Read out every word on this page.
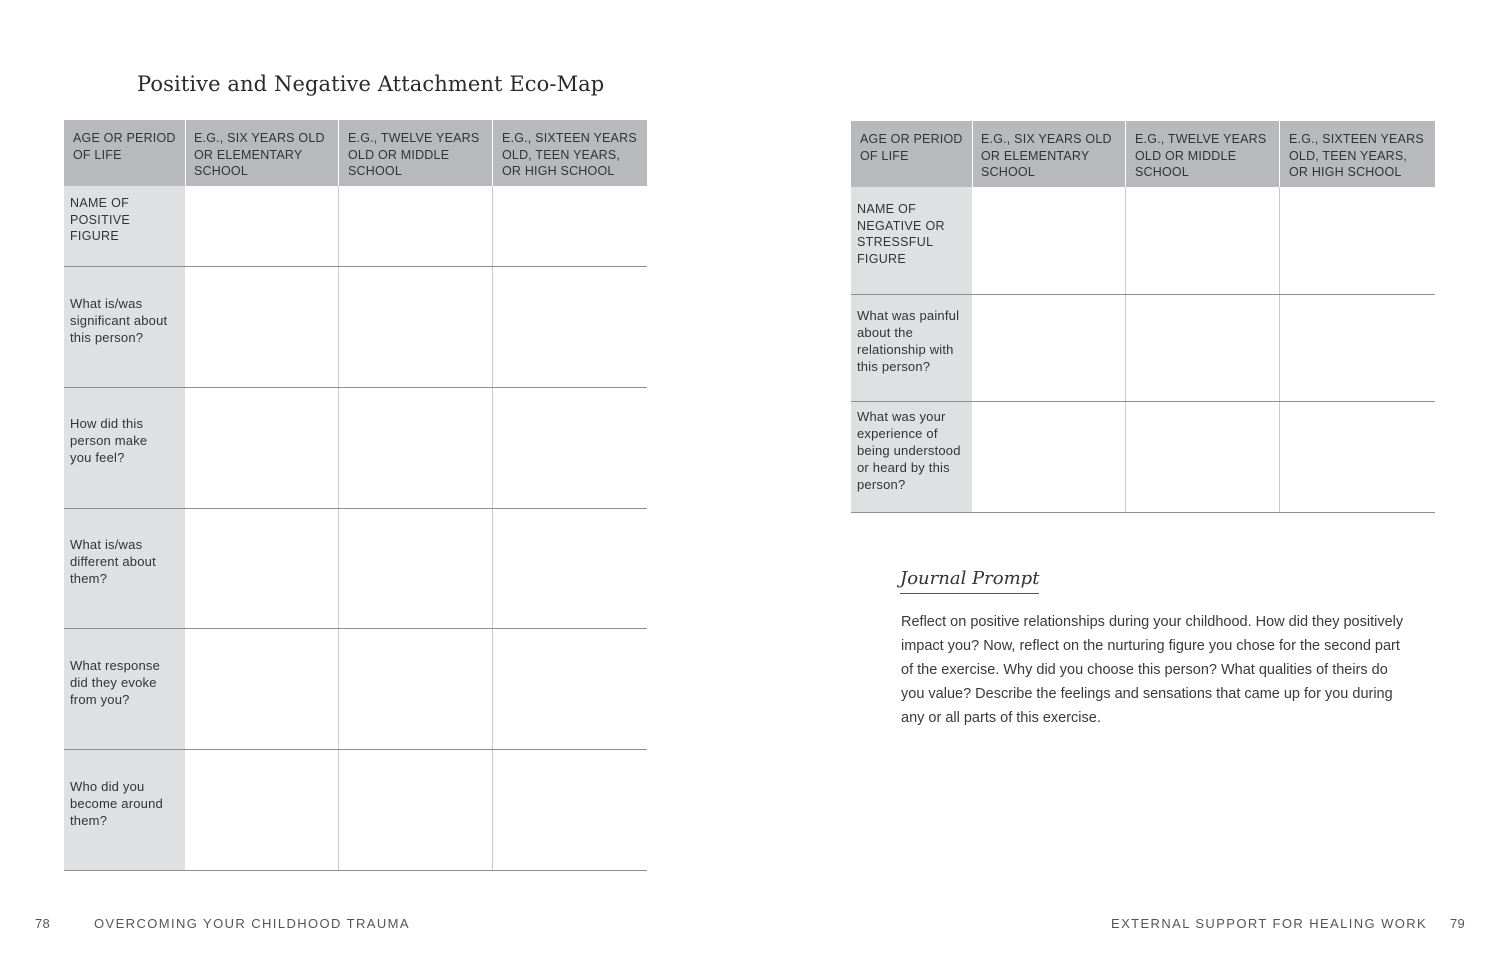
Positive and Negative Attachment Eco-Map
AGE OR PERIOD OF LIFE
E.G., SIX YEARS OLD OR ELEMENTARY SCHOOL
E.G., TWELVE YEARS OLD OR MIDDLE SCHOOL
E.G., SIXTEEN YEARS OLD, TEEN YEARS, OR HIGH SCHOOL
NAME OF POSITIVE FIGURE
What is/was significant about this person?
How did this person make you feel?
What is/was different about them?
What response did they evoke from you?
Who did you become around them?
78	OVERCOMING YOUR CHILDHOOD TRAUMA
AGE OR PERIOD OF LIFE
E.G., SIX YEARS OLD OR ELEMENTARY SCHOOL
E.G., TWELVE YEARS OLD OR MIDDLE SCHOOL
E.G., SIXTEEN YEARS OLD, TEEN YEARS, OR HIGH SCHOOL
NAME OF NEGATIVE OR STRESSFUL FIGURE
What was painful about the relationship with this person?
What was your experience of being understood or heard by this person?
Journal Prompt
Reflect on positive relationships during your childhood. How did they positively impact you? Now, reflect on the nurturing figure you chose for the second part of the exercise. Why did you choose this person? What qualities of theirs do you value? Describe the feelings and sensations that came up for you during any or all parts of this exercise.
EXTERNAL SUPPORT FOR HEALING WORK 79
